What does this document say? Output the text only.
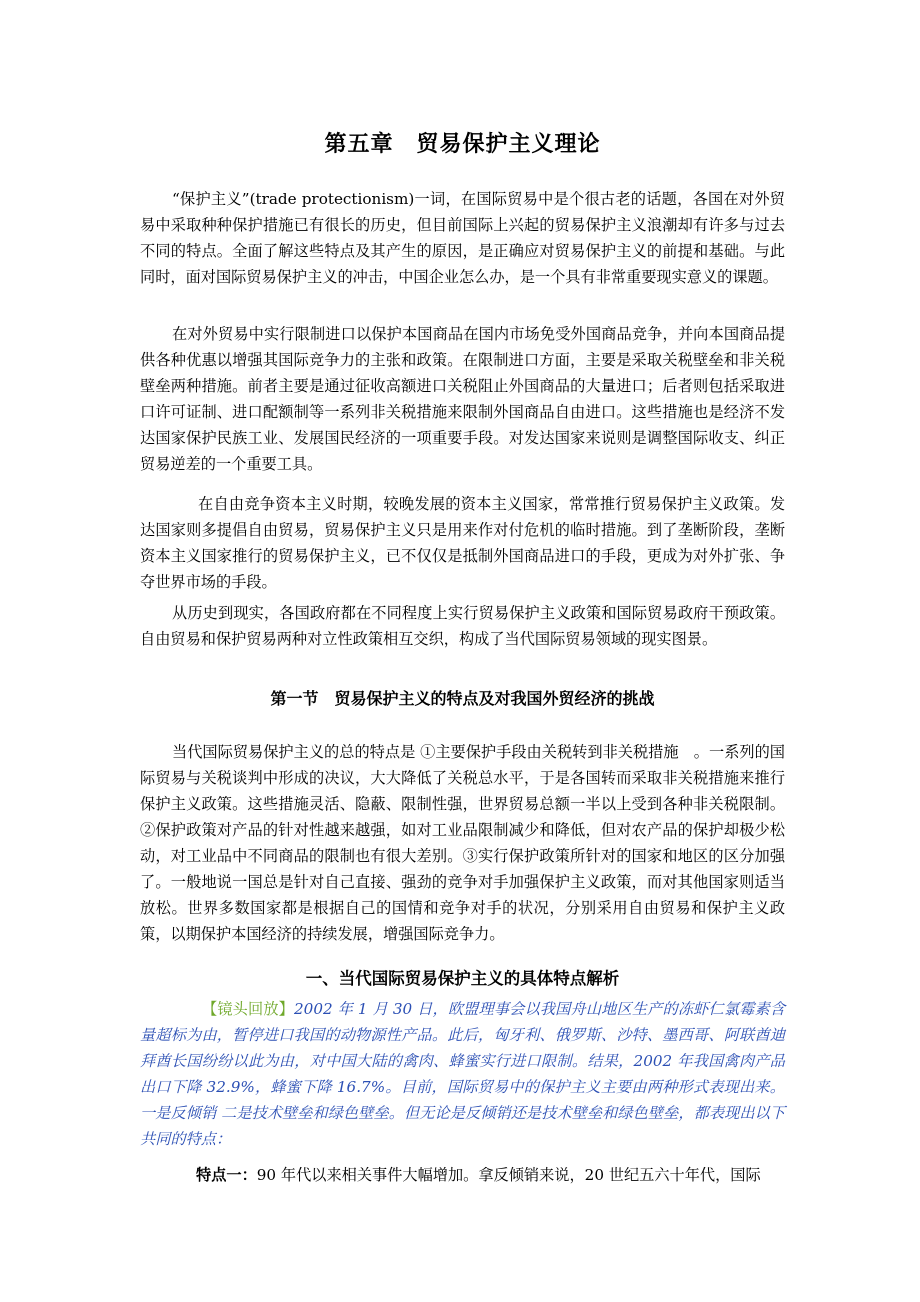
第五章　贸易保护主义理论

“保护主义”(trade protectionism)一词，在国际贸易中是个很古老的话题，各国在对外贸易中采取种种保护措施已有很长的历史，但目前国际上兴起的贸易保护主义浪潮却有许多与过去不同的特点。全面了解这些特点及其产生的原因，是正确应对贸易保护主义的前提和基础。与此同时，面对国际贸易保护主义的冲击，中国企业怎么办，是一个具有非常重要现实意义的课题。

在对外贸易中实行限制进口以保护本国商品在国内市场免受外国商品竞争，并向本国商品提供各种优惠以增强其国际竞争力的主张和政策。在限制进口方面，主要是采取关税壁垒和非关税壁垒两种措施。前者主要是通过征收高额进口关税阻止外国商品的大量进口；后者则包括采取进口许可证制、进口配额制等一系列非关税措施来限制外国商品自由进口。这些措施也是经济不发达国家保护民族工业、发展国民经济的一项重要手段。对发达国家来说则是调整国际收支、纠正贸易逆差的一个重要工具。

在自由竞争资本主义时期，较晚发展的资本主义国家，常常推行贸易保护主义政策。发达国家则多提倡自由贸易，贸易保护主义只是用来作对付危机的临时措施。到了垄断阶段，垄断资本主义国家推行的贸易保护主义，已不仅仅是抵制外国商品进口的手段，更成为对外扩张、争夺世界市场的手段。

从历史到现实，各国政府都在不同程度上实行贸易保护主义政策和国际贸易政府干预政策。自由贸易和保护贸易两种对立性政策相互交织，构成了当代国际贸易领域的现实图景。

第一节　贸易保护主义的特点及对我国外贸经济的挑战

当代国际贸易保护主义的总的特点是 ①主要保护手段由关税转到非关税措施　。一系列的国际贸易与关税谈判中形成的决议，大大降低了关税总水平，于是各国转而采取非关税措施来推行保护主义政策。这些措施灵活、隐蔽、限制性强，世界贸易总额一半以上受到各种非关税限制。②保护政策对产品的针对性越来越强，如对工业品限制减少和降低，但对农产品的保护却极少松动，对工业品中不同商品的限制也有很大差别。③实行保护政策所针对的国家和地区的区分加强了。一般地说一国总是针对自己直接、强劲的竞争对手加强保护主义政策，而对其他国家则适当放松。世界多数国家都是根据自己的国情和竞争对手的状况，分别采用自由贸易和保护主义政策，以期保护本国经济的持续发展，增强国际竞争力。

一、当代国际贸易保护主义的具体特点解析

【镜头回放】2002 年 1 月 30 日，欧盟理事会以我国舟山地区生产的冻虾仁氯霉素含量超标为由，暂停进口我国的动物源性产品。此后，匈牙利、俄罗斯、沙特、墨西哥、阿联酋迪拜酋长国纷纷以此为由，对中国大陆的禽肉、蜂蜜实行进口限制。结果，2002 年我国禽肉产品出口下降 32.9%，蜂蜜下降 16.7%。目前，国际贸易中的保护主义主要由两种形式表现出来。一是反倾销 二是技术壁垒和绿色壁垒。但无论是反倾销还是技术壁垒和绿色壁垒，都表现出以下共同的特点：

特点一：90 年代以来相关事件大幅增加。拿反倾销来说，20 世纪五六十年代，国际
